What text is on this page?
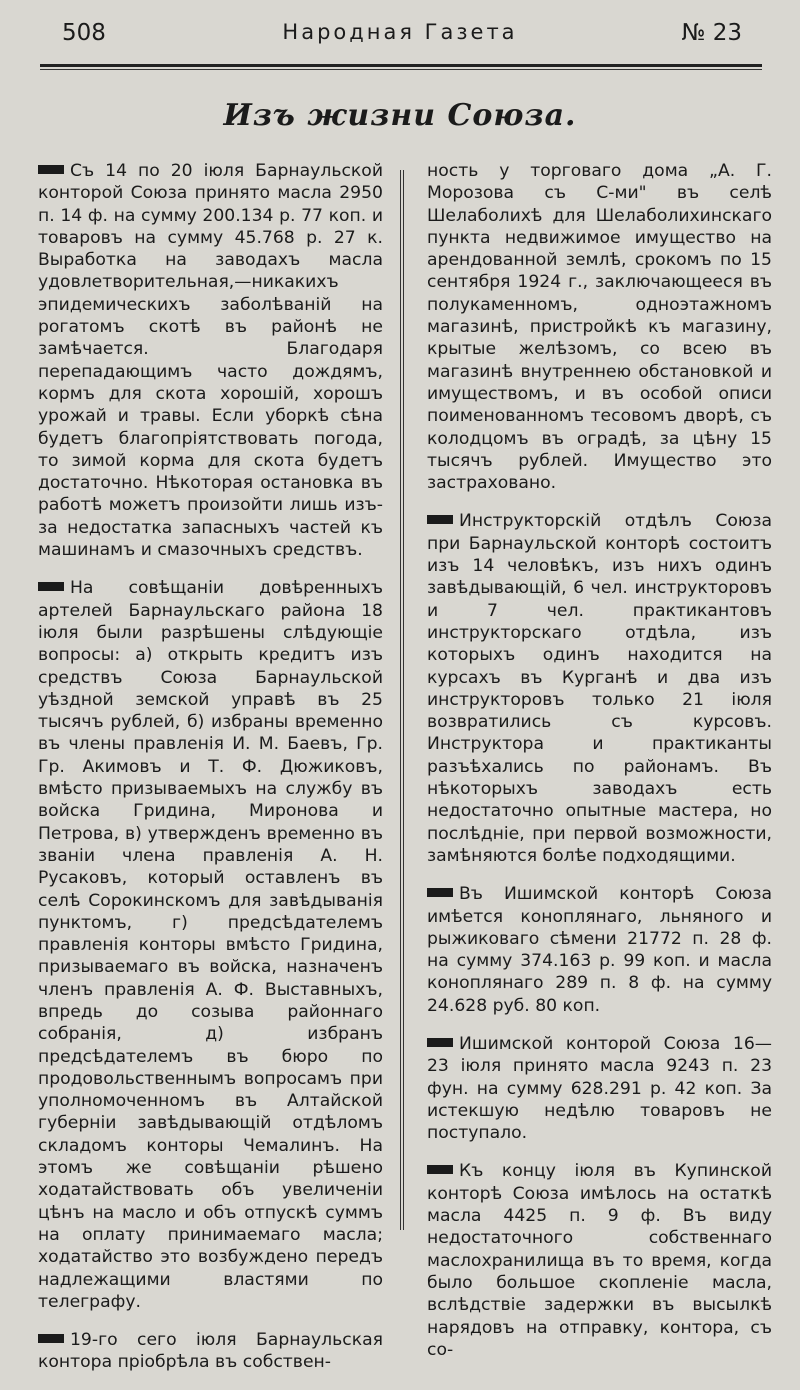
508	Народная Газета	№ 23
Изъ жизни Союза.

Съ 14 по 20 іюля Барнаульской конторой Союза принято масла 2950 п. 14 ф. на сумму 200.134 р. 77 коп. и товаровъ на сумму 45.768 р. 27 к. Выработка на заводахъ масла удовлетворительная,—никакихъ эпидемическихъ заболѣваній на рогатомъ скотѣ въ районѣ не замѣчается. Благодаря перепадающимъ часто дождямъ, кормъ для скота хорошій, хорошъ урожай и травы. Если уборкѣ сѣна будетъ благопріятствовать погода, то зимой корма для скота будетъ достаточно. Нѣкоторая остановка въ работѣ можетъ произойти лишь изъ-за недостатка запасныхъ частей къ машинамъ и смазочныхъ средствъ.

На совѣщаніи довѣренныхъ артелей Барнаульскаго района 18 іюля были разрѣшены слѣдующіе вопросы: а) открыть кредитъ изъ средствъ Союза Барнаульской уѣздной земской управѣ въ 25 тысячъ рублей, б) избраны временно въ члены правленія И. М. Баевъ, Гр. Гр. Акимовъ и Т. Ф. Дюжиковъ, вмѣсто призываемыхъ на службу въ войска Гридина, Миронова и Петрова, в) утвержденъ временно въ званіи члена правленія А. Н. Русаковъ, который оставленъ въ селѣ Сорокинскомъ для завѣдыванія пунктомъ, г) предсѣдателемъ правленія конторы вмѣсто Гридина, призываемаго въ войска, назначенъ членъ правленія А. Ф. Выставныхъ, впредь до созыва районнаго собранія, д) избранъ предсѣдателемъ въ бюро по продовольственнымъ вопросамъ при уполномоченномъ въ Алтайской губерніи завѣдывающій отдѣломъ складомъ конторы Чемалинъ. На этомъ же совѣщаніи рѣшено ходатайствовать объ увеличеніи цѣнъ на масло и объ отпускѣ суммъ на оплату принимаемаго масла; ходатайство это возбуждено передъ надлежащими властями по телеграфу.

19-го сего іюля Барнаульская контора пріобрѣла въ собствен-

ность у торговаго дома „А. Г. Морозова съ С-ми" въ селѣ Шелаболихѣ для Шелаболихинскаго пункта недвижимое имущество на арендованной землѣ, срокомъ по 15 сентября 1924 г., заключающееся въ полукаменномъ, одноэтажномъ магазинѣ, пристройкѣ къ магазину, крытые желѣзомъ, со всею въ магазинѣ внутреннею обстановкой и имуществомъ, и въ особой описи поименованномъ тесовомъ дворѣ, съ колодцомъ въ оградѣ, за цѣну 15 тысячъ рублей. Имущество это застраховано.

Инструкторскій отдѣлъ Союза при Барнаульской конторѣ состоитъ изъ 14 человѣкъ, изъ нихъ одинъ завѣдывающій, 6 чел. инструкторовъ и 7 чел. практикантовъ инструкторскаго отдѣла, изъ которыхъ одинъ находится на курсахъ въ Курганѣ и два изъ инструкторовъ только 21 іюля возвратились съ курсовъ. Инструктора и практиканты разъѣхались по районамъ. Въ нѣкоторыхъ заводахъ есть недостаточно опытные мастера, но послѣдніе, при первой возможности, замѣняются болѣе подходящими.

Въ Ишимской конторѣ Союза имѣется коноплянаго, льняного и рыжиковаго сѣмени 21772 п. 28 ф. на сумму 374.163 р. 99 коп. и масла коноплянаго 289 п. 8 ф. на сумму 24.628 руб. 80 коп.

Ишимской конторой Союза 16—23 іюля принято масла 9243 п. 23 фун. на сумму 628.291 р. 42 коп. За истекшую недѣлю товаровъ не поступало.

Къ концу іюля въ Купинской конторѣ Союза имѣлось на остаткѣ масла 4425 п. 9 ф. Въ виду недостаточного собственнаго маслохранилища въ то время, когда было большое скопленіе масла, вслѣдствіе задержки въ высылкѣ нарядовъ на отправку, контора, съ со-
